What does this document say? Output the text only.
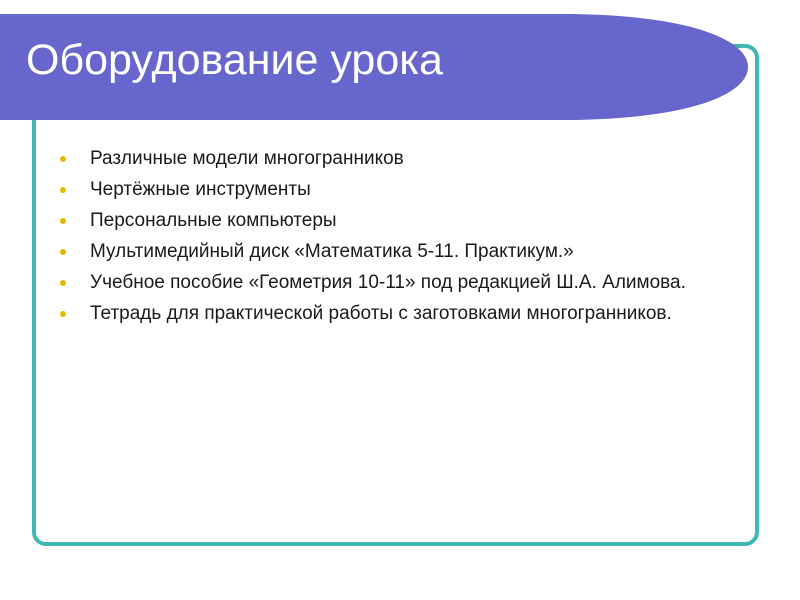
Оборудование урока
Различные модели многогранников
Чертёжные инструменты
Персональные компьютеры
Мультимедийный диск «Математика 5-11. Практикум.»
Учебное пособие «Геометрия 10-11» под редакцией Ш.А. Алимова.
Тетрадь для практической работы с заготовками многогранников.
